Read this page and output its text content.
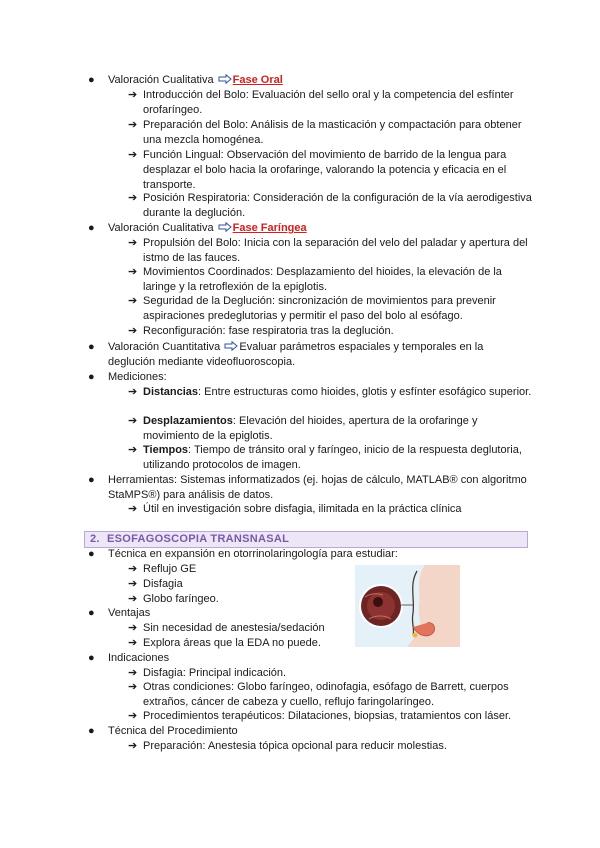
●	Valoración Cualitativa Fase Oral
➔ Introducción del Bolo: Evaluación del sello oral y la competencia del esfínter orofaríngeo.
➔ Preparación del Bolo: Análisis de la masticación y compactación para obtener una mezcla homogénea.
➔ Función Lingual: Observación del movimiento de barrido de la lengua para desplazar el bolo hacia la orofaringe, valorando la potencia y eficacia en el transporte.
➔ Posición Respiratoria: Consideración de la configuración de la vía aerodigestiva durante la deglución.
●	Valoración Cualitativa Fase Faríngea
➔ Propulsión del Bolo: Inicia con la separación del velo del paladar y apertura del istmo de las fauces.
➔ Movimientos Coordinados: Desplazamiento del hioides, la elevación de la laringe y la retroflexión de la epiglotis.
➔ Seguridad de la Deglución: sincronización de movimientos para prevenir aspiraciones predeglutorias y permitir el paso del bolo al esófago.
➔ Reconfiguración: fase respiratoria tras la deglución.
●	Valoración Cuantitativa Evaluar parámetros espaciales y temporales en la deglución mediante videofluoroscopia.
●	Mediciones:
➔ Distancias: Entre estructuras como hioides, glotis y esfínter esofágico superior.
➔ Desplazamientos: Elevación del hioides, apertura de la orofaringe y movimiento de la epiglotis.
➔ Tiempos: Tiempo de tránsito oral y faríngeo, inicio de la respuesta deglutoria, utilizando protocolos de imagen.
●	Herramientas: Sistemas informatizados (ej. hojas de cálculo, MATLAB® con algoritmo StaMPS®) para análisis de datos.
➔ Útil en investigación sobre disfagia, ilimitada en la práctica clínica
2. ESOFAGOSCOPIA TRANSNASAL
●	Técnica en expansión en otorrinolaringología para estudiar:
➔ Reflujo GE
➔ Disfagia
➔ Globo faríngeo.
●	Ventajas
➔ Sin necesidad de anestesia/sedación
➔ Explora áreas que la EDA no puede.
●	Indicaciones
➔ Disfagia: Principal indicación.
➔ Otras condiciones: Globo faríngeo, odinofagia, esófago de Barrett, cuerpos extraños, cáncer de cabeza y cuello, reflujo faringolaríngeo.
➔ Procedimientos terapéuticos: Dilataciones, biopsias, tratamientos con láser.
●	Técnica del Procedimiento
➔ Preparación: Anestesia tópica opcional para reducir molestias.
